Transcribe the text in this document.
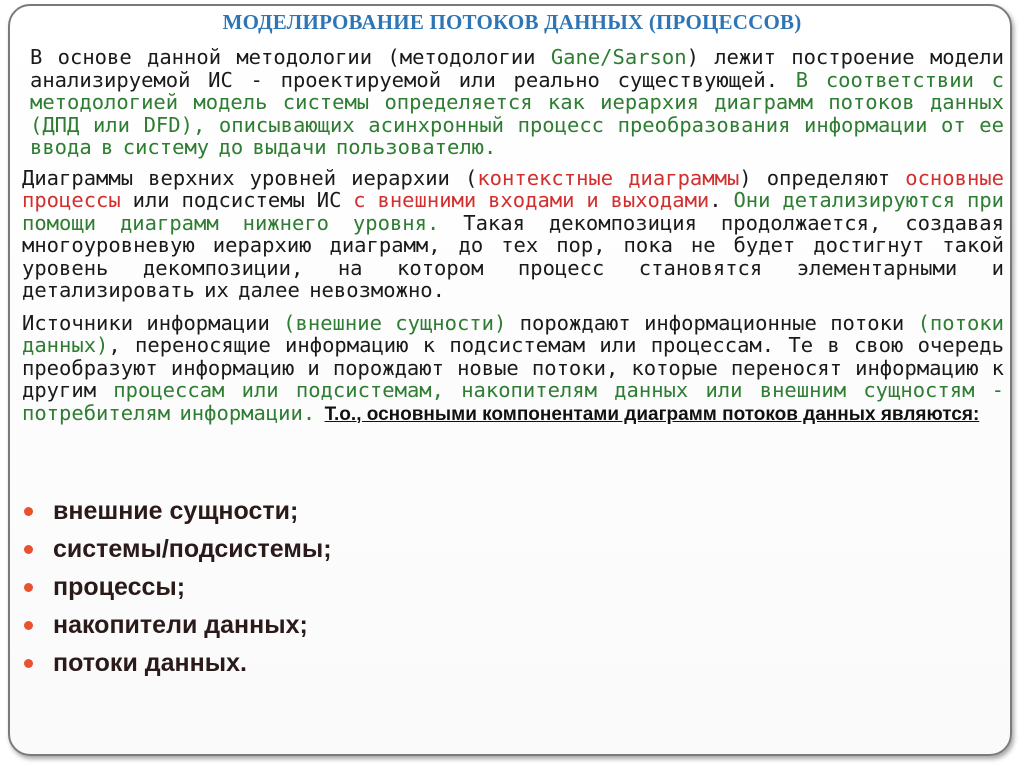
МОДЕЛИРОВАНИЕ ПОТОКОВ ДАННЫХ (ПРОЦЕССОВ)

В основе данной методологии (методологии Gane/Sarson) лежит построение модели анализируемой ИС - проектируемой или реально существующей. В соответствии с методологией модель системы определяется как иерархия диаграмм потоков данных (ДПД или DFD), описывающих асинхронный процесс преобразования информации от ее ввода в систему до выдачи пользователю.

Диаграммы верхних уровней иерархии (контекстные диаграммы) определяют основные процессы или подсистемы ИС с внешними входами и выходами. Они детализируются при помощи диаграмм нижнего уровня. Такая декомпозиция продолжается, создавая многоуровневую иерархию диаграмм, до тех пор, пока не будет достигнут такой уровень декомпозиции, на котором процесс становятся элементарными и детализировать их далее невозможно.

Источники информации (внешние сущности) порождают информационные потоки (потоки данных), переносящие информацию к подсистемам или процессам. Те в свою очередь преобразуют информацию и порождают новые потоки, которые переносят информацию к другим процессам или подсистемам, накопителям данных или внешним сущностям - потребителям информации. Т.о., основными компонентами диаграмм потоков данных являются:

внешние сущности;
системы/подсистемы;
процессы;
накопители данных;
потоки данных.
